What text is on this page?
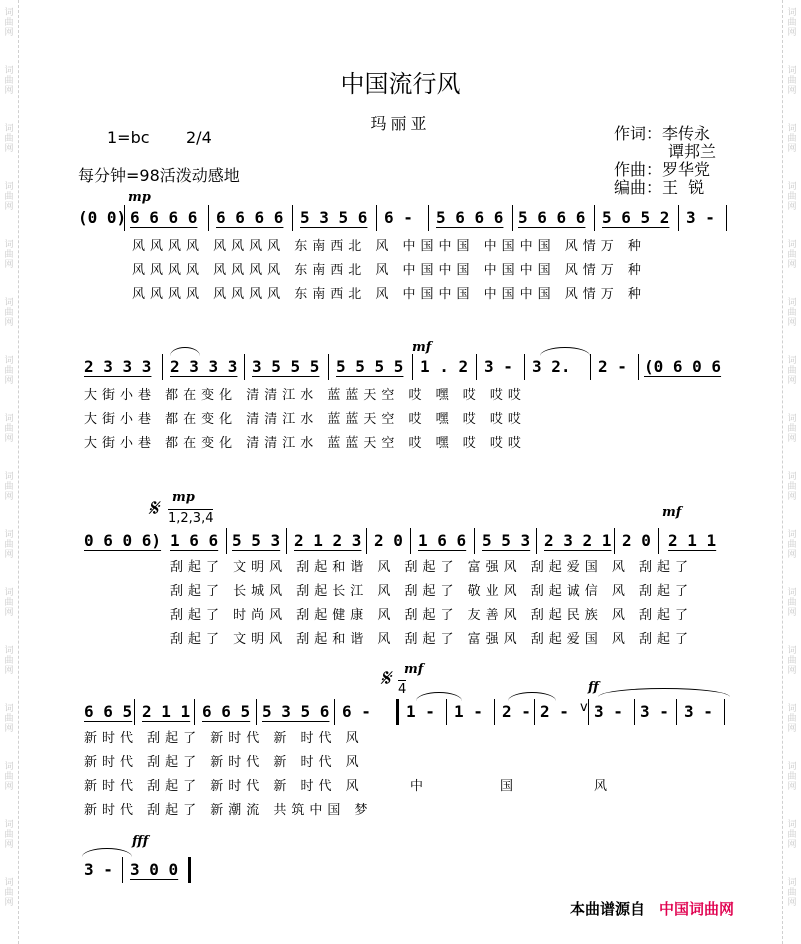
词
曲
网
词
曲
网
词
曲
网
词
曲
网
词
曲
网
词
曲
网
词
曲
网
词
曲
网
词
曲
网
词
曲
网
词
曲
网
词
曲
网
词
曲
网
词
曲
网
词
曲
网
词
曲
网
词
曲
网
词
曲
网
词
曲
网
词
曲
网
词
曲
网
词
曲
网
词
曲
网
词
曲
网
词
曲
网
词
曲
网
词
曲
网
词
曲
网
词
曲
网
词
曲
网
词
曲
网
词
曲
网
中国流行风
玛丽亚
1=bc 2/4
每分钟=98活泼动感地
作词：李传永
谭邦兰
作曲：罗华党
编曲：王  锐
mp
(0 0) 6 6 6 6 6 6 6 6 5 3 5 6 6 - 5 6 6 6 5 6 6 6 5 6 5 2 3 -
风风风风 风风风风 东南西北 风 中国中国 中国中国 风情万 种
风风风风 风风风风 东南西北 风 中国中国 中国中国 风情万 种
风风风风 风风风风 东南西北 风 中国中国 中国中国 风情万 种
mf
2 3 3 3 2 3 3 3 3 5 5 5 5 5 5 5 1 . 2 3 - 3 2. 2 - (0 6 0 6
大街小巷 都在变化 清清江水 蓝蓝天空 哎 嘿 哎 哎哎
大街小巷 都在变化 清清江水 蓝蓝天空 哎 嘿 哎 哎哎
大街小巷 都在变化 清清江水 蓝蓝天空 哎 嘿 哎 哎哎
𝄋 mp
1,2,3,4	mf
0 6 0 6) 1 6 6 5 5 3 2 1 2 3 2 0 1 6 6 5 5 3 2 3 2 1 2 0 2 1 1
刮起了 文明风 刮起和谐 风 刮起了 富强风 刮起爱国 风 刮起了
刮起了 长城风 刮起长江 风 刮起了 敬业风 刮起诚信 风 刮起了
刮起了 时尚风 刮起健康 风 刮起了 友善风 刮起民族 风 刮起了
刮起了 文明风 刮起和谐 风 刮起了 富强风 刮起爱国 风 刮起了
𝄋 mf
4	ff
6 6 5 2 1 1 6 6 5 5 3 5 6 6 - 1 - 1 - 2 - 2 - 3 - 3 - 3 -
v
新时代 刮起了 新时代 新 时代 风
新时代 刮起了 新时代 新 时代 风
新时代 刮起了 新时代 新 时代 风	中	国	风
新时代 刮起了 新潮流 共筑中国 梦
fff
3 - 3 0 0
本曲谱源自 中国词曲网
